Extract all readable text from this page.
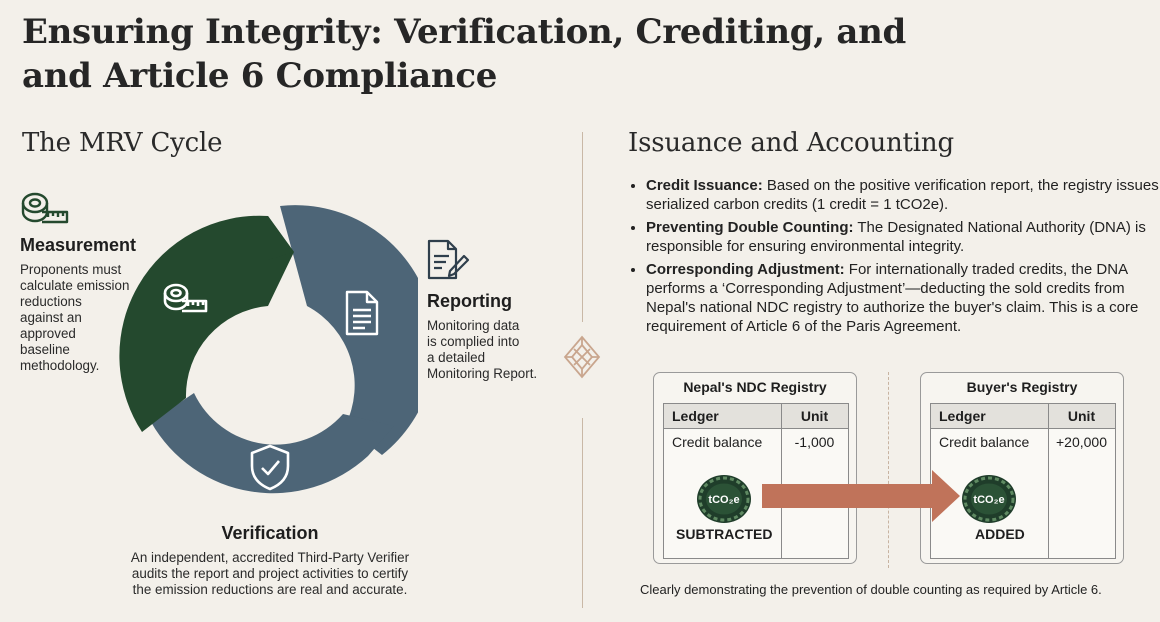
Ensuring Integrity: Verification, Crediting, and
and Article 6 Compliance
The MRV Cycle
Measurement
Proponents must
calculate emission
reductions
against an
approved
baseline
methodology.
Reporting
Monitoring data
is complied into
a detailed
Monitoring Report.
Verification
An independent, accredited Third-Party Verifier
audits the report and project activities to certify
the emission reductions are real and accurate.
Issuance and Accounting
• Credit Issuance: Based on the positive verification report, the registry issues serialized carbon credits (1 credit = 1 tCO2e).
• Preventing Double Counting: The Designated National Authority (DNA) is responsible for ensuring environmental integrity.
• Corresponding Adjustment: For internationally traded credits, the DNA performs a ‘Corresponding Adjustment’—deducting the sold credits from Nepal's national NDC registry to authorize the buyer's claim. This is a core requirement of Article 6 of the Paris Agreement.
Nepal's NDC Registry
Ledger	Unit
Credit balance	-1,000
tCO₂e
SUBTRACTED
Buyer's Registry
Ledger	Unit
Credit balance	+20,000
tCO₂e
ADDED
Clearly demonstrating the prevention of double counting as required by Article 6.
